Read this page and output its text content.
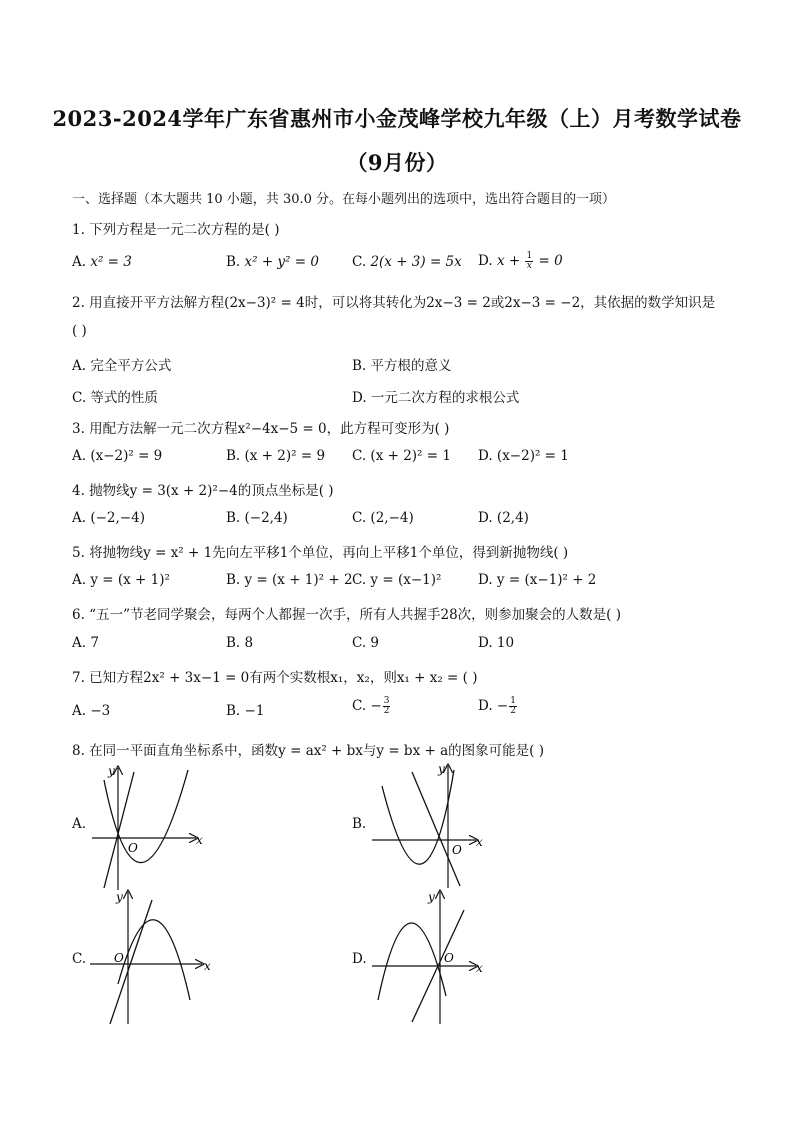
2023-2024学年广东省惠州市小金茂峰学校九年级（上）月考数学试卷
（9月份）
一、选择题（本大题共 10 小题，共 30.0 分。在每小题列出的选项中，选出符合题目的一项）
1. 下列方程是一元二次方程的是( )
A. x² = 3	B. x² + y² = 0 C. 2(x + 3) = 5x D. $x + \frac{1}{x} = 0$
2. 用直接开平方法解方程(2x−3)² = 4时，可以将其转化为2x−3 = 2或2x−3 = −2，其依据的数学知识是
( )
A. 完全平方公式	B. 平方根的意义
C. 等式的性质	D. 一元二次方程的求根公式
3. 用配方法解一元二次方程x²−4x−5 = 0，此方程可变形为( )
A. (x−2)² = 9	B. (x + 2)² = 9 C. (x + 2)² = 1 D. (x−2)² = 1
4. 抛物线y = 3(x + 2)²−4的顶点坐标是( )
A. (−2,−4)	B. (−2,4)	C. (2,−4)	D. (2,4)
5. 将抛物线y = x² + 1先向左平移1个单位，再向上平移1个单位，得到新抛物线( )
A. y = (x + 1)²	B. y = (x + 1)² + 2 C. y = (x−1)²	D. y = (x−1)² + 2
6. “五一”节老同学聚会，每两个人都握一次手，所有人共握手28次，则参加聚会的人数是( )
A. 7	B. 8	C. 9	D. 10
7. 已知方程2x² + 3x−1 = 0有两个实数根x₁，x₂，则x₁ + x₂ = ( )
A. −3	B. −1	C. − $\frac{3}{2}$	D. − $\frac{1}{2}$
8. 在同一平面直角坐标系中，函数y = ax² + bx与y = bx + a的图象可能是( )
A.	B.
C.	D.
y
x
O
y
x
O
y
x
O
y
x
O
